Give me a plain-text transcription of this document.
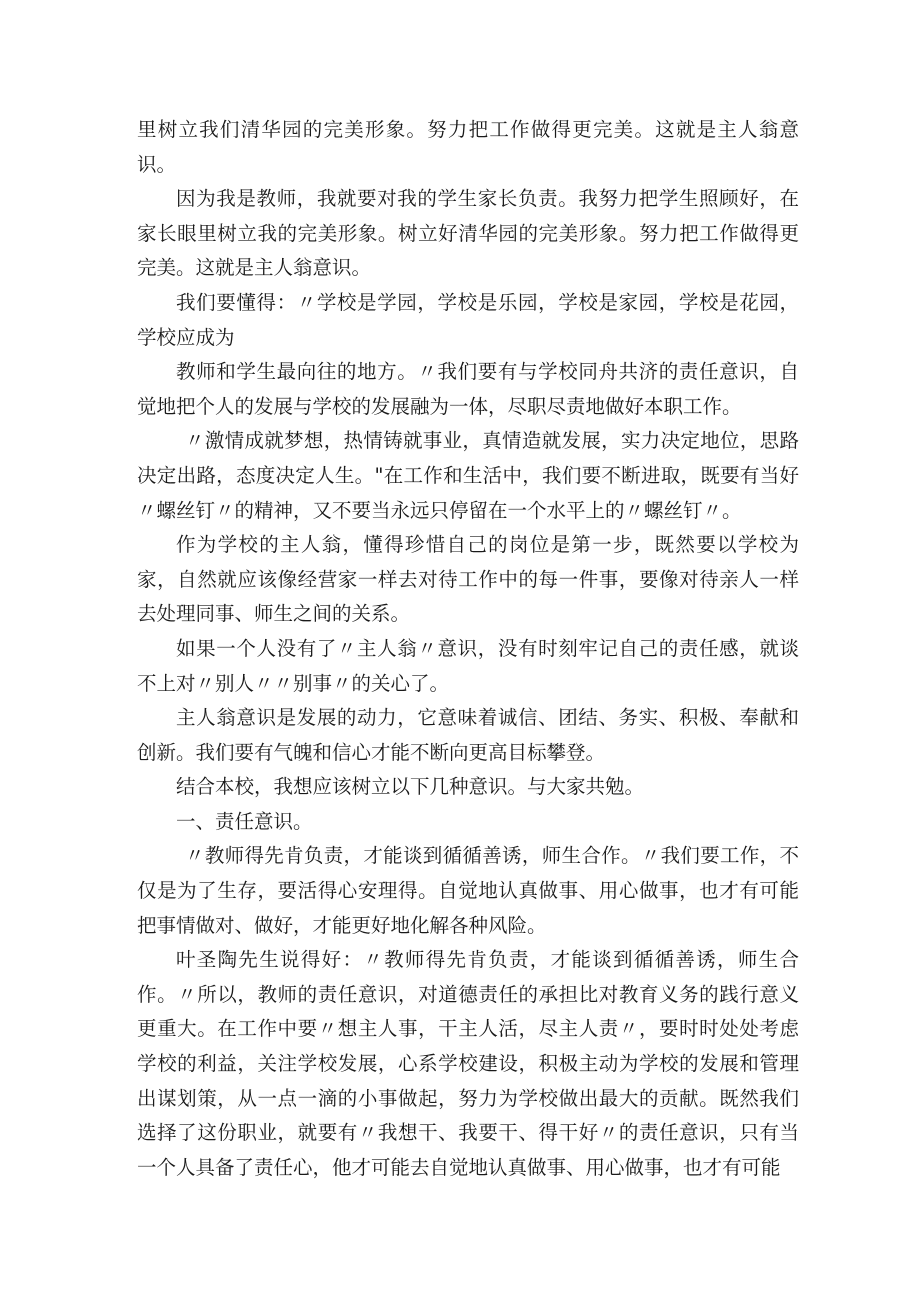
里树立我们清华园的完美形象。努力把工作做得更完美。这就是主人翁意识。

因为我是教师，我就要对我的学生家长负责。我努力把学生照顾好，在家长眼里树立我的完美形象。树立好清华园的完美形象。努力把工作做得更完美。这就是主人翁意识。

我们要懂得：〃学校是学园，学校是乐园，学校是家园，学校是花园，学校应成为

教师和学生最向往的地方。〃我们要有与学校同舟共济的责任意识，自觉地把个人的发展与学校的发展融为一体，尽职尽责地做好本职工作。

〃激情成就梦想，热情铸就事业，真情造就发展，实力决定地位，思路决定出路，态度决定人生。"在工作和生活中，我们要不断进取，既要有当好〃螺丝钉〃的精神，又不要当永远只停留在一个水平上的〃螺丝钉〃。

作为学校的主人翁，懂得珍惜自己的岗位是第一步，既然要以学校为家，自然就应该像经营家一样去对待工作中的每一件事，要像对待亲人一样去处理同事、师生之间的关系。

如果一个人没有了〃主人翁〃意识，没有时刻牢记自己的责任感，就谈不上对〃别人〃〃别事〃的关心了。

主人翁意识是发展的动力，它意味着诚信、团结、务实、积极、奉献和创新。我们要有气魄和信心才能不断向更高目标攀登。

结合本校，我想应该树立以下几种意识。与大家共勉。

一、责任意识。

〃教师得先肯负责，才能谈到循循善诱，师生合作。〃我们要工作，不仅是为了生存，要活得心安理得。自觉地认真做事、用心做事，也才有可能把事情做对、做好，才能更好地化解各种风险。

叶圣陶先生说得好：〃教师得先肯负责，才能谈到循循善诱，师生合作。〃所以，教师的责任意识，对道德责任的承担比对教育义务的践行意义更重大。在工作中要〃想主人事，干主人活，尽主人责〃，要时时处处考虑学校的利益，关注学校发展，心系学校建设，积极主动为学校的发展和管理出谋划策，从一点一滴的小事做起，努力为学校做出最大的贡献。既然我们选择了这份职业，就要有〃我想干、我要干、得干好〃的责任意识，只有当一个人具备了责任心，他才可能去自觉地认真做事、用心做事，也才有可能
